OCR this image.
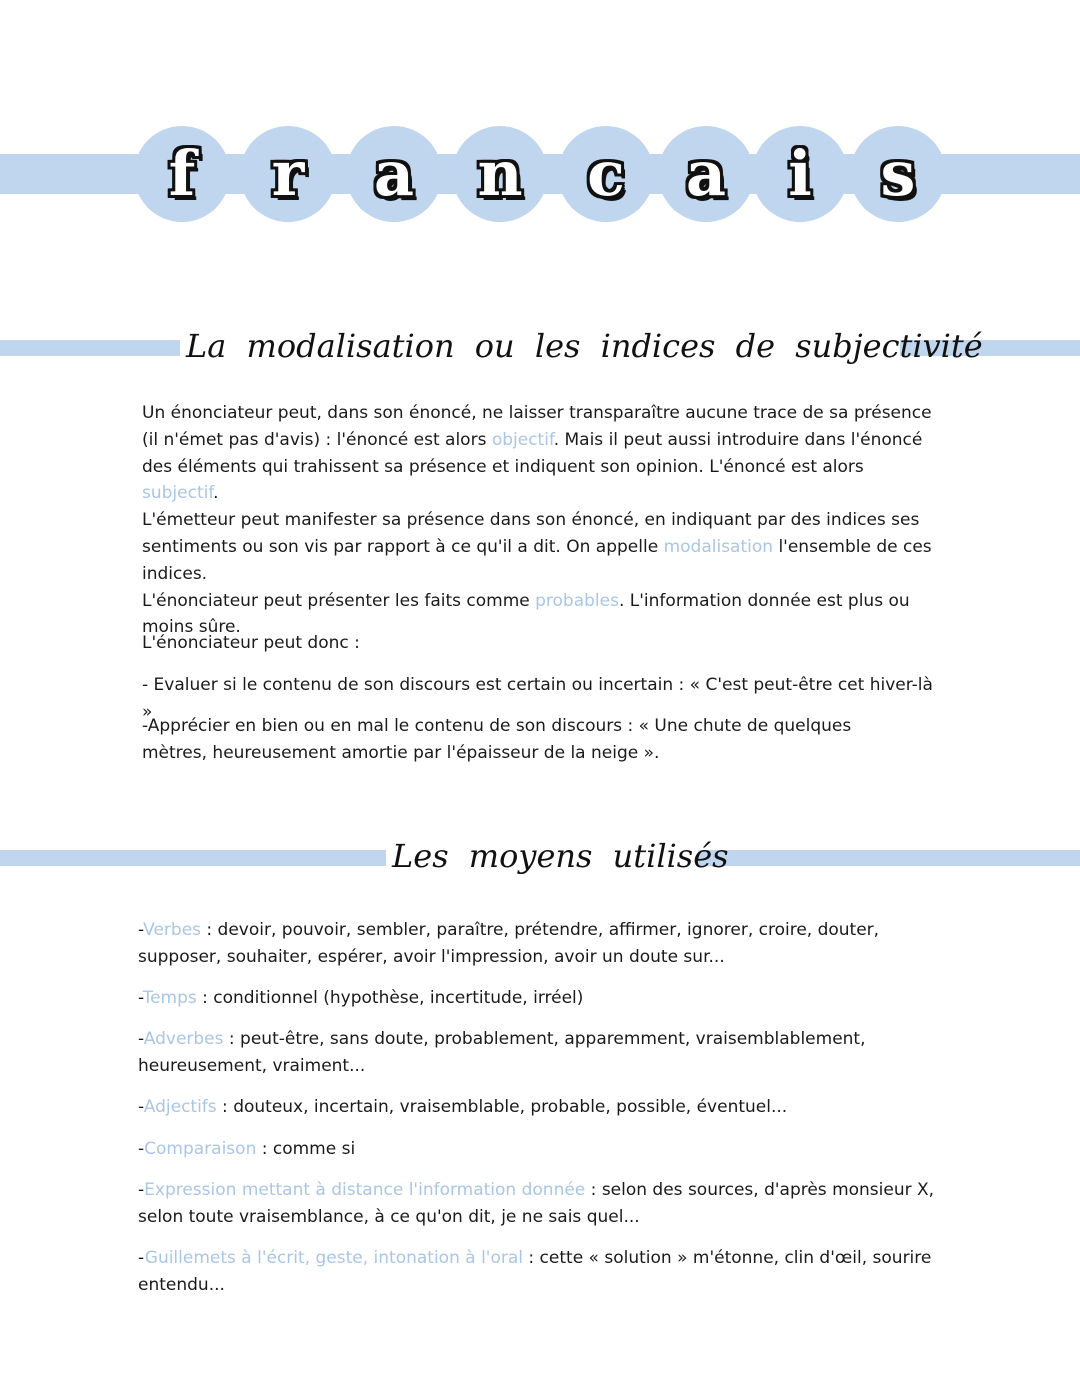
f r a n c a i s
La modalisation ou les indices de subjectivité

Un énonciateur peut, dans son énoncé, ne laisser transparaître aucune trace de sa présence (il n'émet pas d'avis) : l'énoncé est alors objectif. Mais il peut aussi introduire dans l'énoncé des éléments qui trahissent sa présence et indiquent son opinion. L'énoncé est alors subjectif.
L'émetteur peut manifester sa présence dans son énoncé, en indiquant par des indices ses sentiments ou son vis par rapport à ce qu'il a dit. On appelle modalisation l'ensemble de ces indices.
L'énonciateur peut présenter les faits comme probables. L'information donnée est plus ou moins sûre.

L'énonciateur peut donc :

- Evaluer si le contenu de son discours est certain ou incertain : « C'est peut-être cet hiver-là »

-Apprécier en bien ou en mal le contenu de son discours : « Une chute de quelques mètres, heureusement amortie par l'épaisseur de la neige ».

Les moyens utilisés

-Verbes : devoir, pouvoir, sembler, paraître, prétendre, affirmer, ignorer, croire, douter, supposer, souhaiter, espérer, avoir l'impression, avoir un doute sur...

-Temps : conditionnel (hypothèse, incertitude, irréel)

-Adverbes : peut-être, sans doute, probablement, apparemment, vraisemblablement, heureusement, vraiment...

-Adjectifs : douteux, incertain, vraisemblable, probable, possible, éventuel...

-Comparaison : comme si

-Expression mettant à distance l'information donnée : selon des sources, d'après monsieur X, selon toute vraisemblance, à ce qu'on dit, je ne sais quel...

-Guillemets à l'écrit, geste, intonation à l'oral : cette « solution » m'étonne, clin d'œil, sourire entendu...
